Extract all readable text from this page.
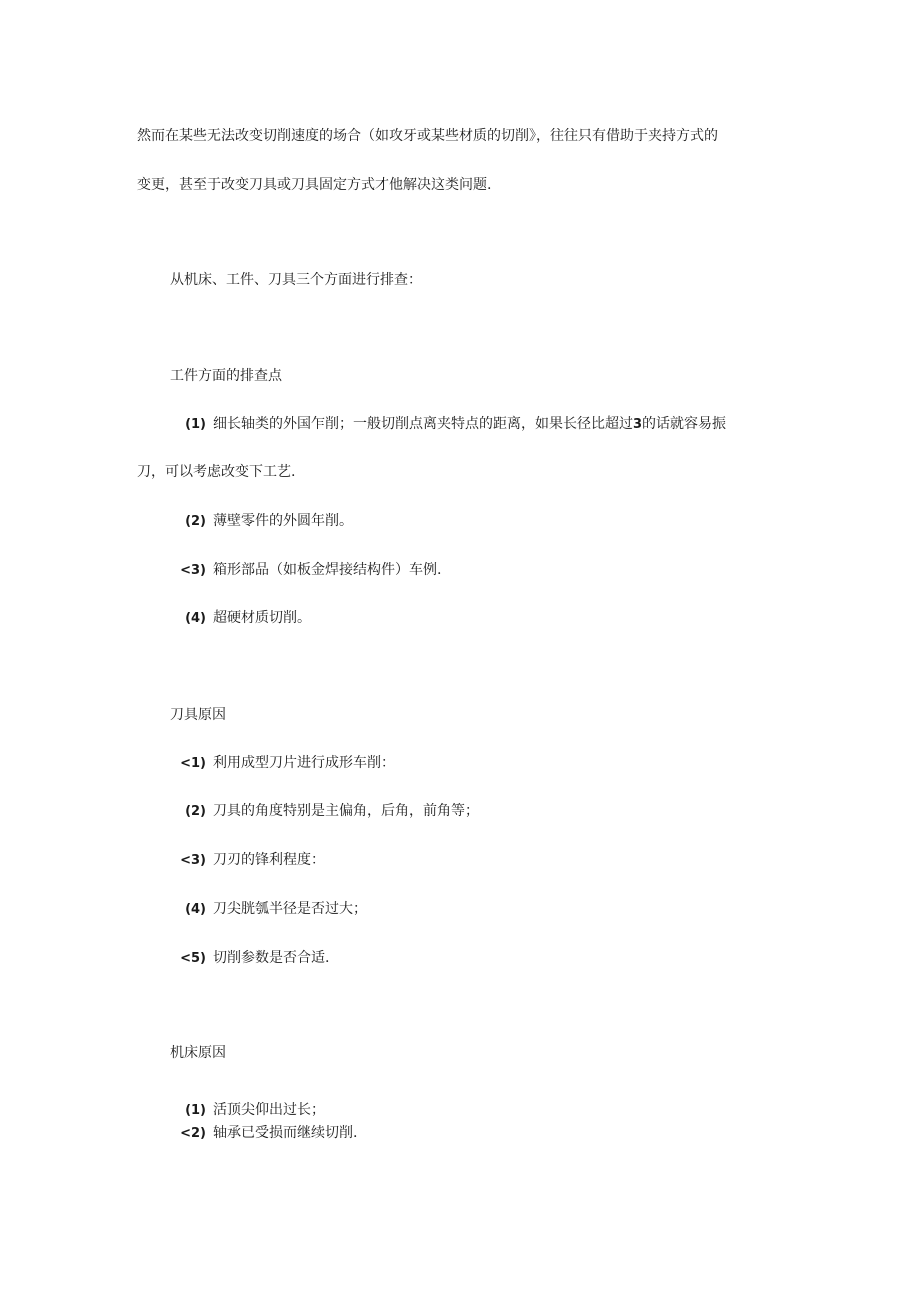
然而在某些无法改变切削速度的场合（如攻牙或某些材质的切削》，往往只有借助于夹持方式的
变更，甚至于改变刀具或刀具固定方式才他解决这类问题.
从机床、工件、刀具三个方面进行排查：
工件方面的排查点
(1) 细长轴类的外国乍削；一般切削点离夹特点的距离，如果长径比超过3的话就容易振
刀，可以考虑改变下工艺.
(2) 薄壁零件的外圆年削。
<3) 箱形部品（如板金焊接结构件）车例.
(4) 超硬材质切削。
刀具原因
<1) 利用成型刀片进行成形车削：
(2) 刀具的角度特别是主偏角，后角，前角等；
<3) 刀刃的锋利程度：
(4) 刀尖胱瓠半径是否过大；
<5) 切削参数是否合适.
机床原因
(1) 活顶尖仰出过长；
<2) 轴承已受损而继续切削.
